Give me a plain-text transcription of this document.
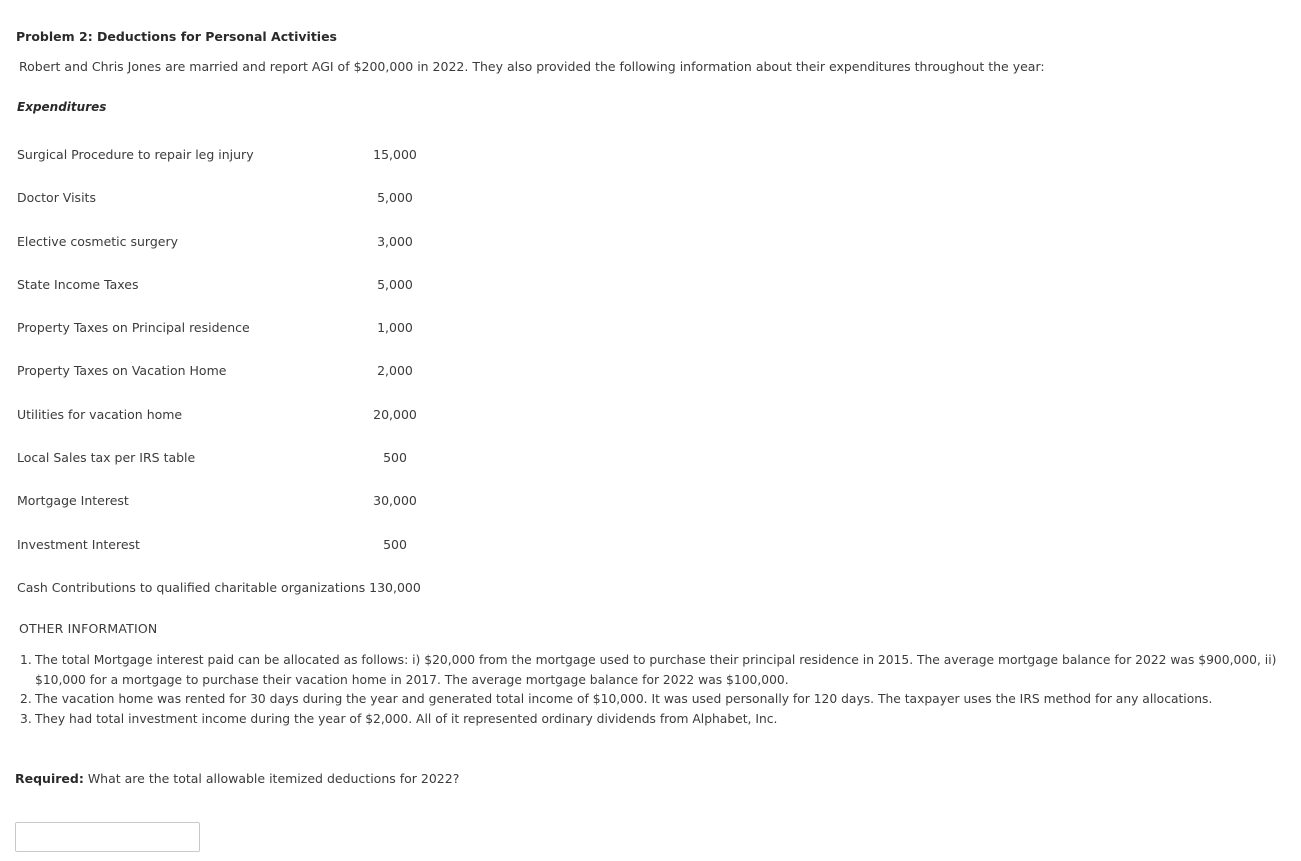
Problem 2: Deductions for Personal Activities
Robert and Chris Jones are married and report AGI of $200,000 in 2022. They also provided the following information about their expenditures throughout the year:
Expenditures
Surgical Procedure to repair leg injury	15,000
Doctor Visits	5,000
Elective cosmetic surgery	3,000
State Income Taxes	5,000
Property Taxes on Principal residence	1,000
Property Taxes on Vacation Home	2,000
Utilities for vacation home	20,000
Local Sales tax per IRS table	500
Mortgage Interest	30,000
Investment Interest	500
Cash Contributions to qualified charitable organizations 130,000
OTHER INFORMATION
1. The total Mortgage interest paid can be allocated as follows: i) $20,000 from the mortgage used to purchase their principal residence in 2015. The average mortgage balance for 2022 was $900,000, ii) $10,000 for a mortgage to purchase their vacation home in 2017. The average mortgage balance for 2022 was $100,000.
2. The vacation home was rented for 30 days during the year and generated total income of $10,000. It was used personally for 120 days. The taxpayer uses the IRS method for any allocations.
3. They had total investment income during the year of $2,000. All of it represented ordinary dividends from Alphabet, Inc.
Required: What are the total allowable itemized deductions for 2022?
